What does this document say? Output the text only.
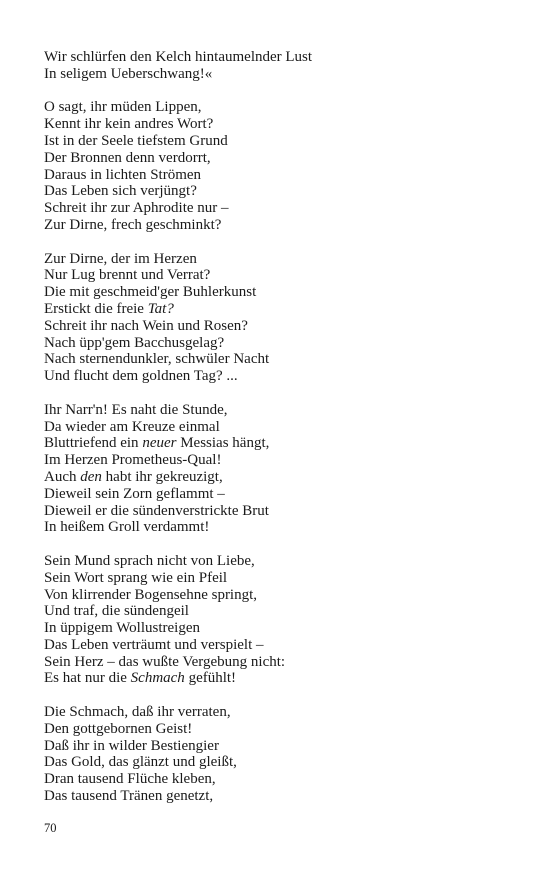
Wir schlürfen den Kelch hintaumelnder Lust
In seligem Ueberschwang!«
O sagt, ihr müden Lippen,
Kennt ihr kein andres Wort?
Ist in der Seele tiefstem Grund
Der Bronnen denn verdorrt,
Daraus in lichten Strömen
Das Leben sich verjüngt?
Schreit ihr zur Aphrodite nur –
Zur Dirne, frech geschminkt?
Zur Dirne, der im Herzen
Nur Lug brennt und Verrat?
Die mit geschmeid'ger Buhlerkunst
Erstickt die freie Tat?
Schreit ihr nach Wein und Rosen?
Nach üpp'gem Bacchusgelag?
Nach sternendunkler, schwüler Nacht
Und flucht dem goldnen Tag? ...
Ihr Narr'n! Es naht die Stunde,
Da wieder am Kreuze einmal
Bluttriefend ein neuer Messias hängt,
Im Herzen Prometheus-Qual!
Auch den habt ihr gekreuzigt,
Dieweil sein Zorn geflammt –
Dieweil er die sündenverstrickte Brut
In heißem Groll verdammt!
Sein Mund sprach nicht von Liebe,
Sein Wort sprang wie ein Pfeil
Von klirrender Bogensehne springt,
Und traf, die sündengeil
In üppigem Wollustreigen
Das Leben verträumt und verspielt –
Sein Herz – das wußte Vergebung nicht:
Es hat nur die Schmach gefühlt!
Die Schmach, daß ihr verraten,
Den gottgebornen Geist!
Daß ihr in wilder Bestiengier
Das Gold, das glänzt und gleißt,
Dran tausend Flüche kleben,
Das tausend Tränen genetzt,
70
